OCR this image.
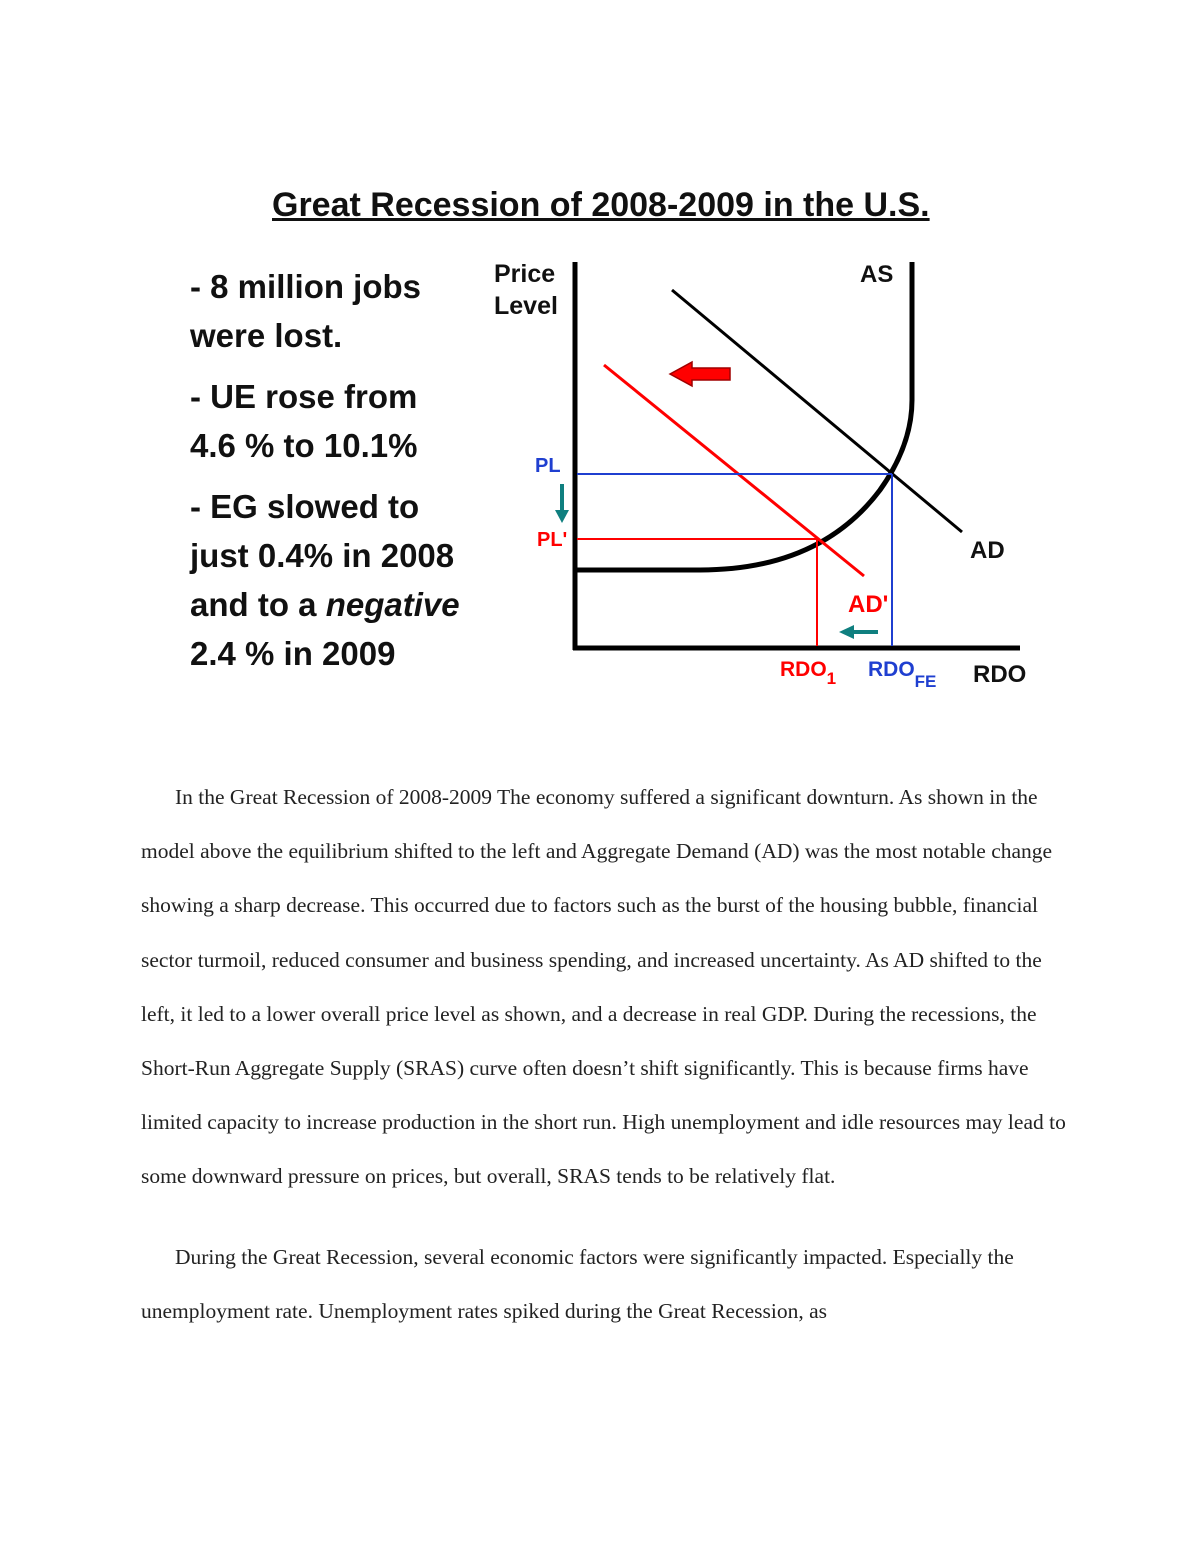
Great Recession of 2008-2009 in the U.S.

- 8 million jobs were lost.

- UE rose from 4.6 % to 10.1%

- EG slowed to just 0.4% in 2008 and to a negative 2.4 % in 2009

Price
Level
RDO
AS
AD
AD'
PL
PL'
$RDO_1$ $RDO_{FE}$

In the Great Recession of 2008-2009 The economy suffered a significant downturn. As shown in the model above the equilibrium shifted to the left and Aggregate Demand (AD) was the most notable change showing a sharp decrease. This occurred due to factors such as the burst of the housing bubble, financial sector turmoil, reduced consumer and business spending, and increased uncertainty. As AD shifted to the left, it led to a lower overall price level as shown, and a decrease in real GDP. During the recessions, the Short-Run Aggregate Supply (SRAS) curve often doesn’t shift significantly. This is because firms have limited capacity to increase production in the short run. High unemployment and idle resources may lead to some downward pressure on prices, but overall, SRAS tends to be relatively flat.

During the Great Recession, several economic factors were significantly impacted. Especially the unemployment rate. Unemployment rates spiked during the Great Recession, as
